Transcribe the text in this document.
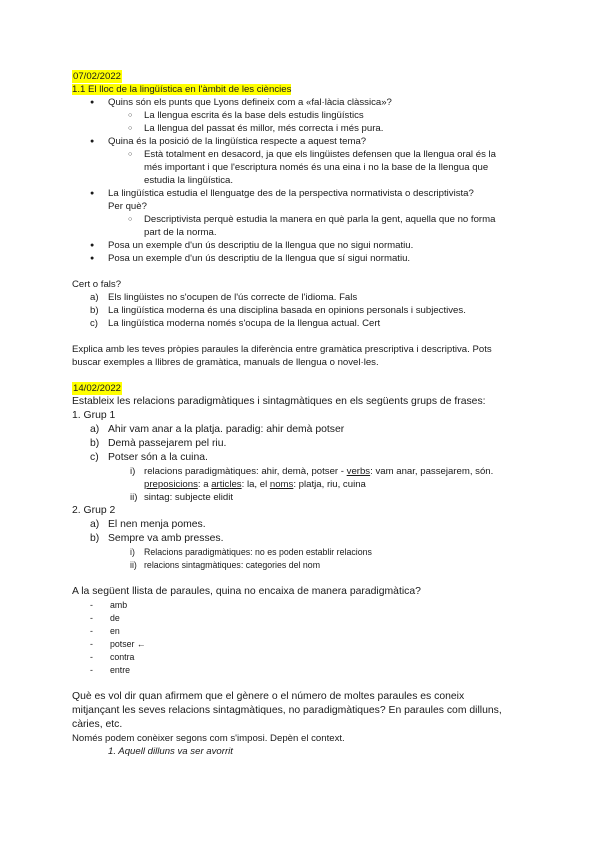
07/02/2022
1.1 El lloc de la lingüística en l'àmbit de les ciències
● Quins són els punts que Lyons defineix com a «fal·làcia clàssica»?
○ La llengua escrita és la base dels estudis lingüístics
○ La llengua del passat és millor, més correcta i més pura.
● Quina és la posició de la lingüística respecte a aquest tema?
○ Està totalment en desacord, ja que els lingüistes defensen que la llengua oral és la
més important i que l'escriptura només és una eina i no la base de la llengua que
estudia la lingüística.
● La lingüística estudia el llenguatge des de la perspectiva normativista o descriptivista?
Per què?
○ Descriptivista perquè estudia la manera en què parla la gent, aquella que no forma
part de la norma.
● Posa un exemple d'un ús descriptiu de la llengua que no sigui normatiu.
● Posa un exemple d'un ús descriptiu de la llengua que sí sigui normatiu.
Cert o fals?
a) Els lingüistes no s'ocupen de l'ús correcte de l'idioma. Fals
b) La lingüística moderna és una disciplina basada en opinions personals i subjectives.
c) La lingüística moderna només s'ocupa de la llengua actual. Cert
Explica amb les teves pròpies paraules la diferència entre gramàtica prescriptiva i descriptiva. Pots
buscar exemples a llibres de gramàtica, manuals de llengua o novel·les.
14/02/2022
Estableix les relacions paradigmàtiques i sintagmàtiques en els següents grups de frases:
1. Grup 1
a) Ahir vam anar a la platja. paradig: ahir demà potser
b) Demà passejarem pel riu.
c) Potser són a la cuina.
i) relacions paradigmàtiques: ahir, demà, potser - verbs: vam anar, passejarem, són.
preposicions: a articles: la, el noms: platja, riu, cuina
ii) sintag: subjecte elidit
2. Grup 2
a) El nen menja pomes.
b) Sempre va amb presses.
i) Relacions paradigmàtiques: no es poden establir relacions
ii) relacions sintagmàtiques: categories del nom
A la següent llista de paraules, quina no encaixa de manera paradigmàtica?
- amb
- de
- en
- potser ←
- contra
- entre
Què es vol dir quan afirmem que el gènere o el número de moltes paraules es coneix
mitjançant les seves relacions sintagmàtiques, no paradigmàtiques? En paraules com dilluns,
càries, etc.
Només podem conèixer segons com s'imposi. Depèn el context.
1. Aquell dilluns va ser avorrit
